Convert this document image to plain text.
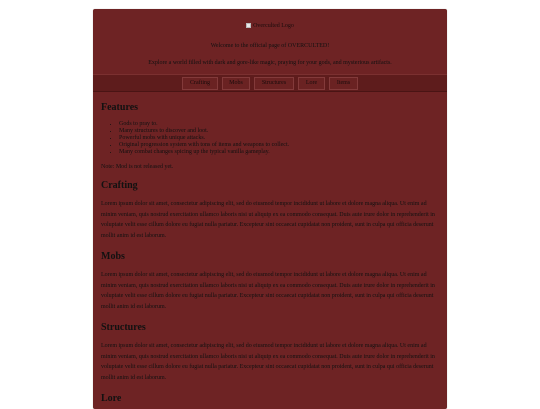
Overculted Logo
Welcome to the official page of OVERCULTED!
Explore a world filled with dark and gore-like magic, praying for your gods, and mysterious artifacts.
Crafting	Mobs	Structures	Lore	Items
Features
• Gods to pray to.
• Many structures to discover and loot.
• Powerful mobs with unique attacks.
• Original progression system with tons of items and weapons to collect.
• Many combat changes spicing up the typical vanilla gameplay.
Note: Mod is not released yet.
Crafting

Lorem ipsum dolor sit amet, consectetur adipiscing elit, sed do eiusmod tempor incididunt ut labore et dolore magna aliqua. Ut enim ad minim veniam, quis nostrud exercitation ullamco laboris nisi ut aliquip ex ea commodo consequat. Duis aute irure dolor in reprehenderit in voluptate velit esse cillum dolore eu fugiat nulla pariatur. Excepteur sint occaecat cupidatat non proident, sunt in culpa qui officia deserunt mollit anim id est laborum.

Mobs

Lorem ipsum dolor sit amet, consectetur adipiscing elit, sed do eiusmod tempor incididunt ut labore et dolore magna aliqua. Ut enim ad minim veniam, quis nostrud exercitation ullamco laboris nisi ut aliquip ex ea commodo consequat. Duis aute irure dolor in reprehenderit in voluptate velit esse cillum dolore eu fugiat nulla pariatur. Excepteur sint occaecat cupidatat non proident, sunt in culpa qui officia deserunt mollit anim id est laborum.

Structures

Lorem ipsum dolor sit amet, consectetur adipiscing elit, sed do eiusmod tempor incididunt ut labore et dolore magna aliqua. Ut enim ad minim veniam, quis nostrud exercitation ullamco laboris nisi ut aliquip ex ea commodo consequat. Duis aute irure dolor in reprehenderit in voluptate velit esse cillum dolore eu fugiat nulla pariatur. Excepteur sint occaecat cupidatat non proident, sunt in culpa qui officia deserunt mollit anim id est laborum.

Lore
